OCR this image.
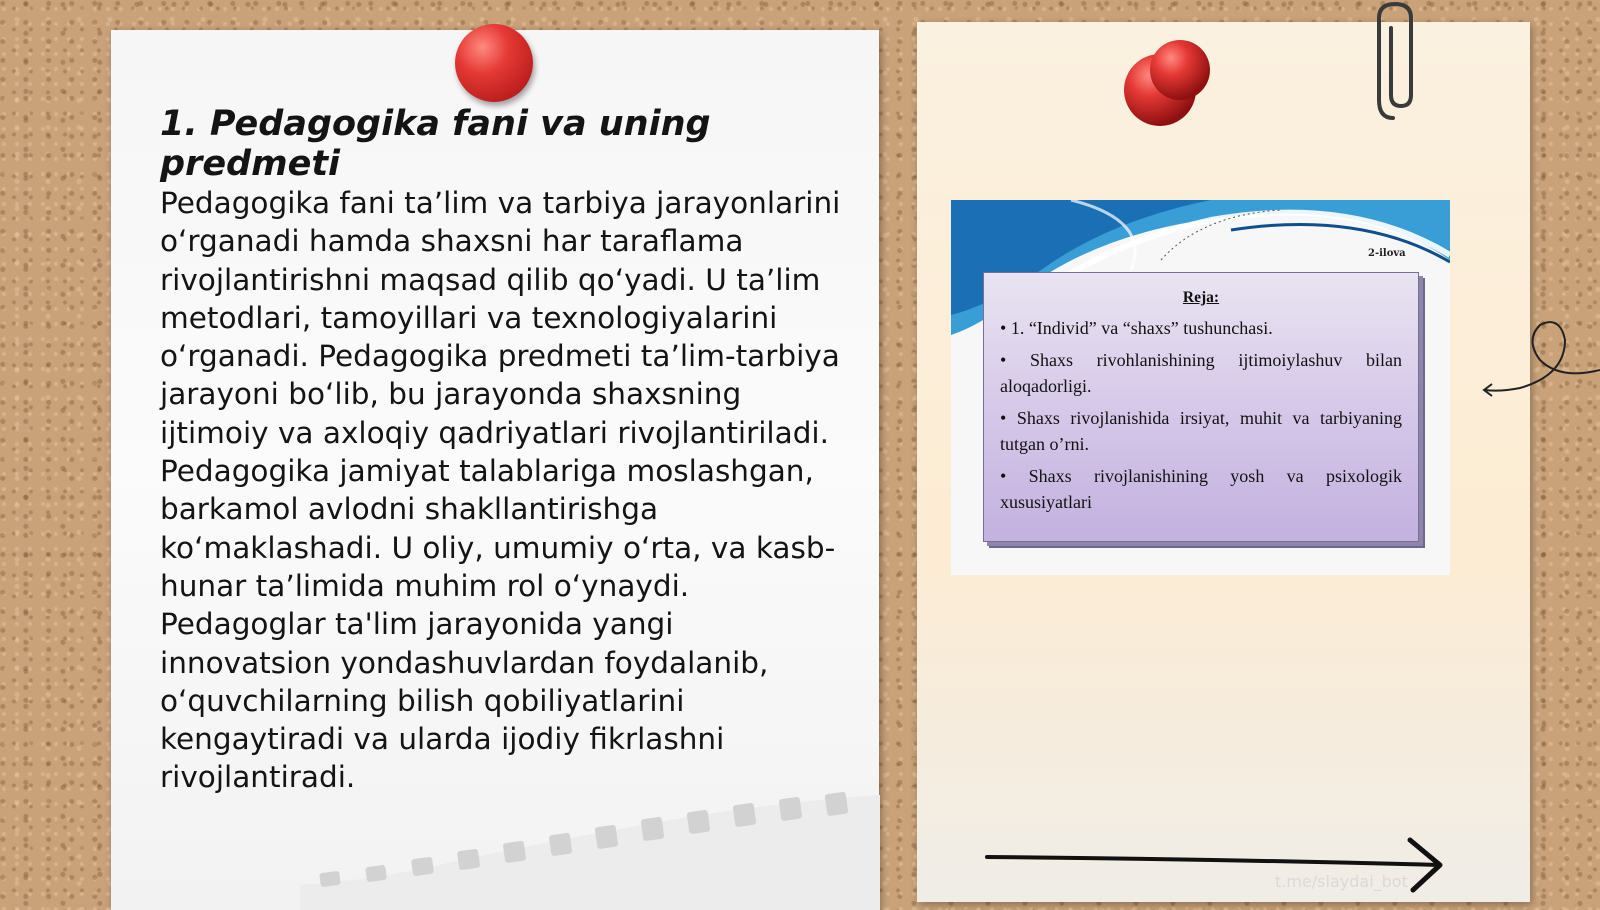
1. Pedagogika fani va uning predmeti

Pedagogika fani ta’lim va tarbiya jarayonlarini o‘rganadi hamda shaxsni har taraflama rivojlantirishni maqsad qilib qo‘yadi. U ta’lim metodlari, tamoyillari va texnologiyalarini o‘rganadi. Pedagogika predmeti ta’lim-tarbiya jarayoni bo‘lib, bu jarayonda shaxsning ijtimoiy va axloqiy qadriyatlari rivojlantiriladi. Pedagogika jamiyat talablariga moslashgan, barkamol avlodni shakllantirishga ko‘maklashadi. U oliy, umumiy o‘rta, va kasb-hunar ta’limida muhim rol o‘ynaydi. Pedagoglar ta'lim jarayonida yangi innovatsion yondashuvlardan foydalanib, o‘quvchilarning bilish qobiliyatlarini kengaytiradi va ularda ijodiy fikrlashni rivojlantiradi.

2-ilova

Reja:

• 1. “Individ” va “shaxs” tushunchasi.

• Shaxs rivohlanishining ijtimoiylashuv bilan aloqadorligi.

• Shaxs rivojlanishida irsiyat, muhit va tarbiyaning tutgan o’rni.

• Shaxs rivojlanishining yosh va psixologik xususiyatlari

t.me/slaydai_bot
